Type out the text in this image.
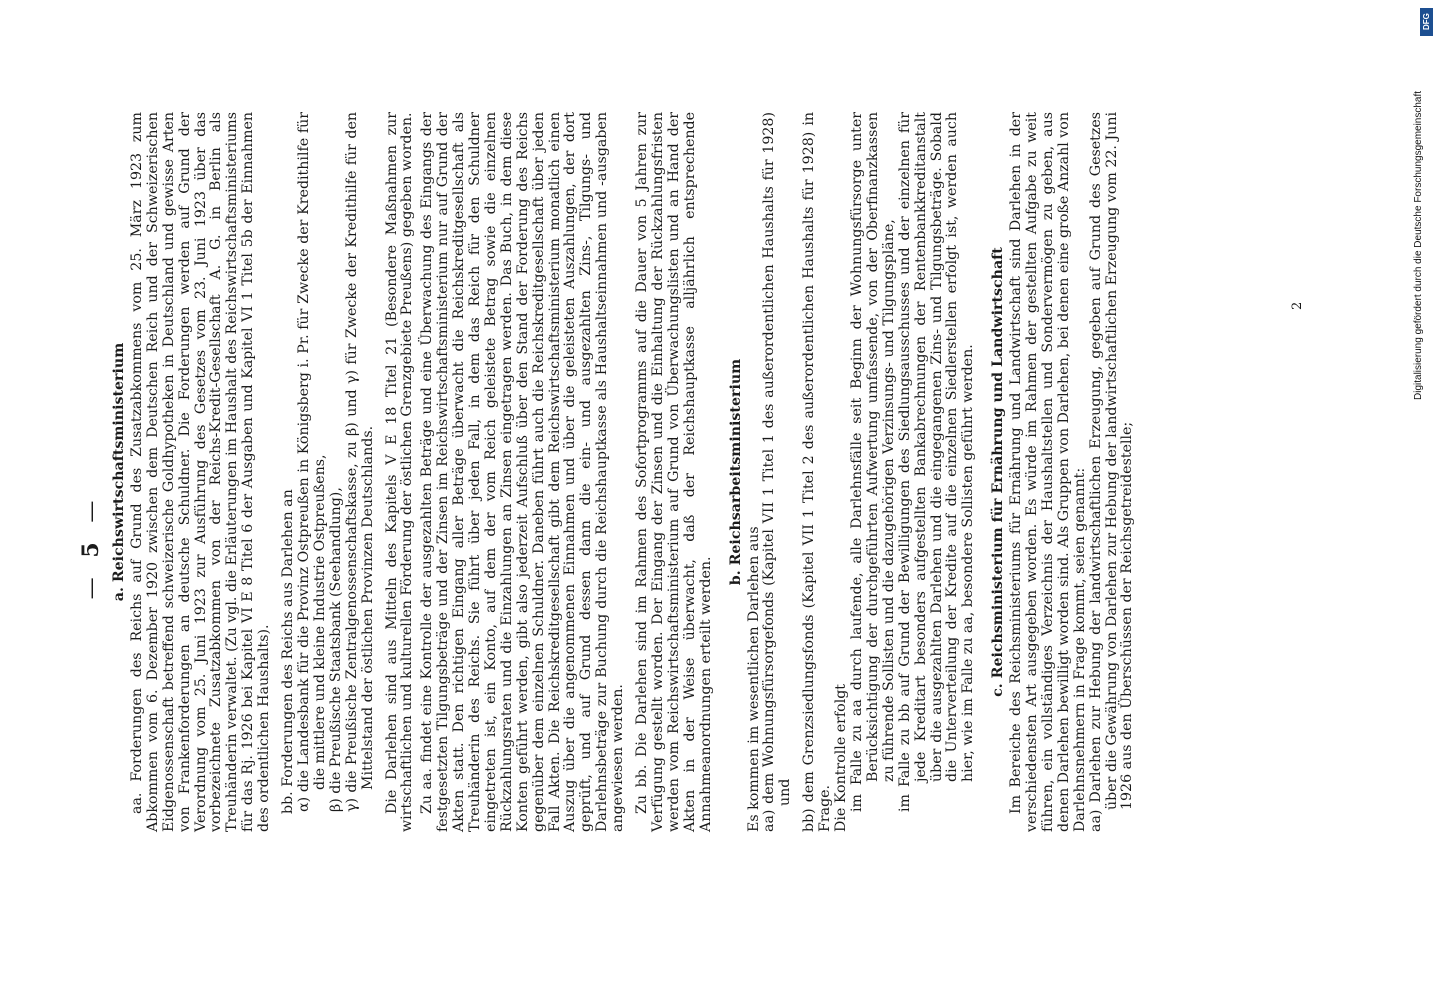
— 5 — a. Reichswirtschaftsministerium aa. Forderungen des Reichs auf Grund des Zusatzabkommens vom 25. März 1923 zum Abkommen vom 6. Dezember 1920 zwischen dem Deutschen Reich und der Schweizerischen Eidgenossenschaft betreffend schweizerische Goldhypotheken in Deutschland und gewisse Arten von Frankenforderungen an deutsche Schuldner. Die Forderungen werden auf Grund der Verordnung vom 25. Juni 1923 zur Ausführung des Gesetzes vom 23. Juni 1923 über das vorbezeichnete Zusatzabkommen von der Reichs-Kredit-Gesellschaft A. G. in Berlin als Treuhänderin verwaltet. (Zu vgl. die Erläuterungen im Haushalt des Reichswirtschaftsministeriums für das Rj. 1926 bei Kapitel VI E 8 Titel 6 der Ausgaben und Kapitel VI 1 Titel 5b der Einnahmen des ordentlichen Haushalts). bb. Forderungen des Reichs aus Darlehen an α) die Landesbank für die Provinz Ostpreußen in Königsberg i. Pr. für Zwecke der Kredithilfe für die mittlere und kleine Industrie Ostpreußens, β) die Preußische Staatsbank (Seehandlung), γ) die Preußische Zentralgenossenschaftskasse, zu β) und γ) für Zwecke der Kredithilfe für den Mittelstand der östlichen Provinzen Deutschlands. Die Darlehen sind aus Mitteln des Kapitels V E 18 Titel 21 (Besondere Maßnahmen zur wirtschaftlichen und kulturellen Förderung der östlichen Grenzgebiete Preußens) gegeben worden. Zu aa. findet eine Kontrolle der ausgezahlten Beträge und eine Überwachung des Eingangs der festgesetzten Tilgungsbeträge und der Zinsen im Reichswirtschaftsministerium nur auf Grund der Akten statt. Den richtigen Eingang aller Beträge überwacht die Reichskreditgesellschaft als Treuhänderin des Reichs. Sie führt über jeden Fall, in dem das Reich für den Schuldner eingetreten ist, ein Konto, auf dem der vom Reich geleistete Betrag sowie die einzelnen Rückzahlungsraten und die Einzahlungen an Zinsen eingetragen werden. Das Buch, in dem diese Konten geführt werden, gibt also jederzeit Aufschluß über den Stand der Forderung des Reichs gegenüber dem einzelnen Schuldner. Daneben führt auch die Reichskreditgesellschaft über jeden Fall Akten. Die Reichskreditgesellschaft gibt dem Reichswirtschaftsministerium monatlich einen Auszug über die angenommenen Einnahmen und über die geleisteten Auszahlungen, der dort geprüft, und auf Grund dessen dann die ein- und ausgezahlten Zins-, Tilgungs- und Darlehnsbeträge zur Buchung durch die Reichshauptkasse als Haushaltseinnahmen und -ausgaben angewiesen werden. Zu bb. Die Darlehen sind im Rahmen des Sofortprogramms auf die Dauer von 5 Jahren zur Verfügung gestellt worden. Der Eingang der Zinsen und die Einhaltung der Rückzahlungsfristen werden vom Reichswirtschaftsministerium auf Grund von Überwachungslisten und an Hand der Akten in der Weise überwacht, daß der Reichshauptkasse alljährlich entsprechende Annahmeanordnungen erteilt werden.

b. Reichsarbeitsministerium

Es kommen im wesentlichen Darlehen aus aa) dem Wohnungsfürsorgefonds (Kapitel VII 1 Titel 1 des außerordentlichen Haushalts für 1928) und bb) dem Grenzsiedlungsfonds (Kapitel VII 1 Titel 2 des außerordentlichen Haushalts für 1928) in Frage. Die Kontrolle erfolgt im Falle zu aa durch laufende, alle Darlehnsfälle seit Beginn der Wohnungsfürsorge unter Berücksichtigung der durchgeführten Aufwertung umfassende, von der Oberfinanzkassen zu führende Sollisten und die dazugehörigen Verzinsungs- und Tilgungspläne, im Falle zu bb auf Grund der Bewilligungen des Siedlungsausschusses und der einzelnen für jede Kreditart besonders aufgestellten Bankabrechnungen der Rentenbankkreditanstalt über die ausgezahlten Darlehen und die eingegangenen Zins- und Tilgungsbeträge. Sobald die Unterverteilung der Kredite auf die einzelnen Siedlerstellen erfolgt ist, werden auch hier, wie im Falle zu aa, besondere Sollisten geführt werden. c. Reichsministerium für Ernährung und Landwirtschaft Im Bereiche des Reichsministeriums für Ernährung und Landwirtschaft sind Darlehen in der verschiedensten Art ausgegeben worden. Es würde im Rahmen der gestellten Aufgabe zu weit führen, ein vollständiges Verzeichnis der Haushaltstellen und Sondervermögen zu geben, aus denen Darlehen bewilligt worden sind. Als Gruppen von Darlehen, bei denen eine große Anzahl von Darlehnsnehmern in Frage kommt, seien genannt: aa) Darlehen zur Hebung der landwirtschaftlichen Erzeugung, gegeben auf Grund des Gesetzes über die Gewährung von Darlehen zur Hebung der landwirtschaftlichen Erzeugung vom 22. Juni 1926 aus den Überschüssen der Reichsgetreidestelle;

2	Digitalisierung gefördert durch die Deutsche Forschungsgemeinschaft
DFG
